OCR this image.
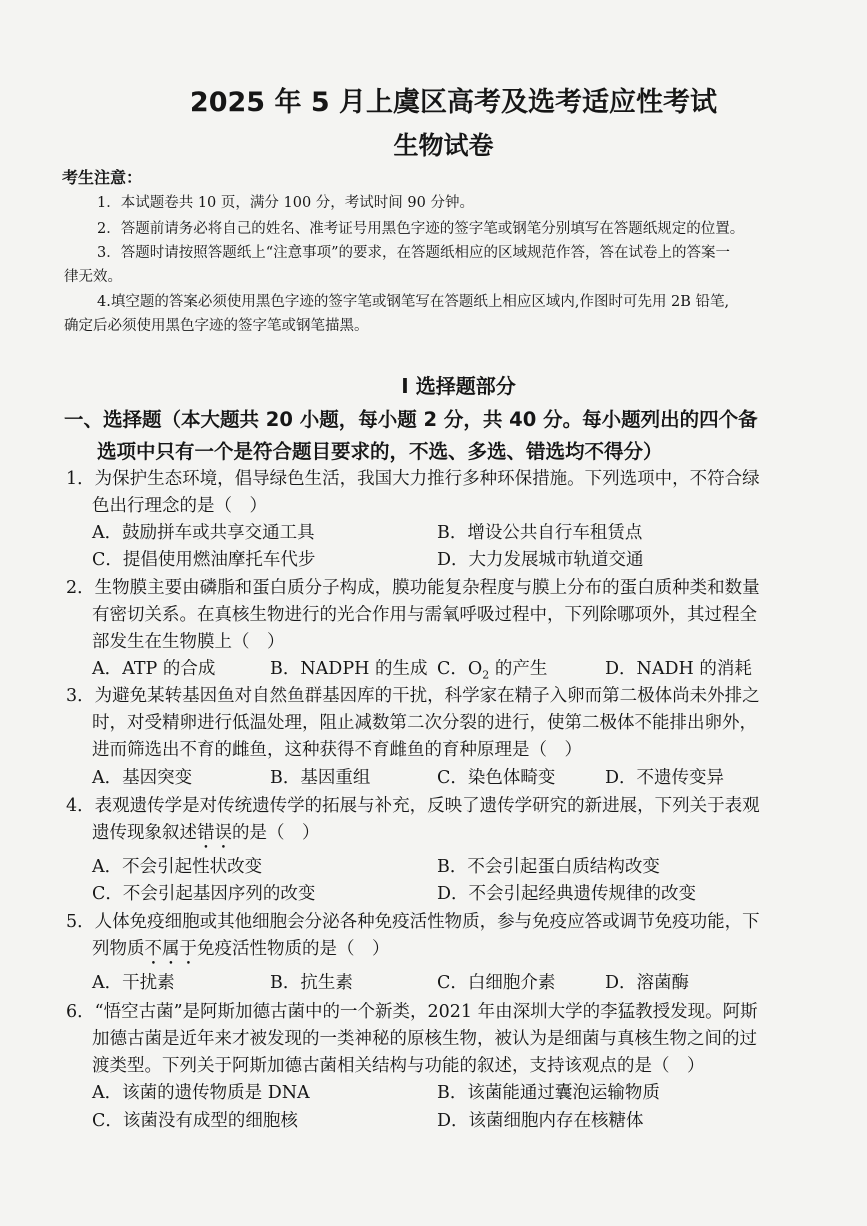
2025 年 5 月上虞区高考及选考适应性考试
生物试卷
考生注意：
1．本试题卷共 10 页，满分 100 分，考试时间 90 分钟。
2．答题前请务必将自己的姓名、准考证号用黑色字迹的签字笔或钢笔分别填写在答题纸规定的位置。
3．答题时请按照答题纸上“注意事项”的要求，在答题纸相应的区域规范作答，答在试卷上的答案一
律无效。
4.填空题的答案必须使用黑色字迹的签字笔或钢笔写在答题纸上相应区域内,作图时可先用 2B 铅笔,
确定后必须使用黑色字迹的签字笔或钢笔描黑。
Ⅰ 选择题部分
一、选择题（本大题共 20 小题，每小题 2 分，共 40 分。每小题列出的四个备
选项中只有一个是符合题目要求的，不选、多选、错选均不得分）
1．为保护生态环境，倡导绿色生活，我国大力推行多种环保措施。下列选项中，不符合绿
色出行理念的是（　）
A．鼓励拼车或共享交通工具	B．增设公共自行车租赁点
C．提倡使用燃油摩托车代步	D．大力发展城市轨道交通
2．生物膜主要由磷脂和蛋白质分子构成，膜功能复杂程度与膜上分布的蛋白质种类和数量
有密切关系。在真核生物进行的光合作用与需氧呼吸过程中，下列除哪项外，其过程全
部发生在生物膜上（　）
A．ATP 的合成	B．NADPH 的生成 C．$O_2$ 的产生	D．NADH 的消耗
3．为避免某转基因鱼对自然鱼群基因库的干扰，科学家在精子入卵而第二极体尚未外排之
时，对受精卵进行低温处理，阻止减数第二次分裂的进行，使第二极体不能排出卵外，
进而筛选出不育的雌鱼，这种获得不育雌鱼的育种原理是（　）
A．基因突变	B．基因重组	C．染色体畸变	D．不遗传变异
4．表观遗传学是对传统遗传学的拓展与补充，反映了遗传学研究的新进展，下列关于表观
遗传现象叙述错误的是（　）
A．不会引起性状改变	B．不会引起蛋白质结构改变
C．不会引起基因序列的改变	D．不会引起经典遗传规律的改变
5．人体免疫细胞或其他细胞会分泌各种免疫活性物质，参与免疫应答或调节免疫功能，下
列物质不属于免疫活性物质的是（　）
A．干扰素	B．抗生素	C．白细胞介素	D．溶菌酶
6．“悟空古菌”是阿斯加德古菌中的一个新类，2021 年由深圳大学的李猛教授发现。阿斯
加德古菌是近年来才被发现的一类神秘的原核生物，被认为是细菌与真核生物之间的过
渡类型。下列关于阿斯加德古菌相关结构与功能的叙述，支持该观点的是（　）
A．该菌的遗传物质是 DNA	B．该菌能通过囊泡运输物质
C．该菌没有成型的细胞核	D．该菌细胞内存在核糖体
